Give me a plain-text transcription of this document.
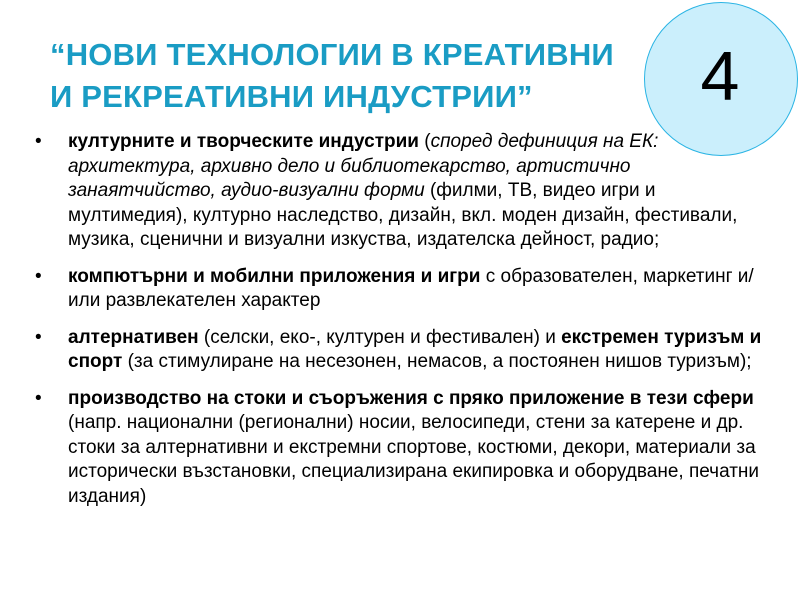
“НОВИ ТЕХНОЛОГИИ В КРЕАТИВНИ
И РЕКРЕАТИВНИ ИНДУСТРИИ”	4
• културните и творческите индустрии (според дефиниция на ЕК: архитектура, архивно дело и библиотекарство, артистично занаятчийство, аудио-визуални форми (филми, ТВ, видео игри и мултимедия), културно наследство, дизайн, вкл. моден дизайн, фестивали, музика, сценични и визуални изкуства, издателска дейност, радио;
• компютърни и мобилни приложения и игри с образователен, маркетинг и/или развлекателен характер
• алтернативен (селски, еко-, културен и фестивален) и екстремен туризъм и спорт (за стимулиране на несезонен, немасов, а постоянен нишов туризъм);
• производство на стоки и съоръжения с пряко приложение в тези сфери (напр. национални (регионални) носии, велосипеди, стени за катерене и др. стоки за алтернативни и екстремни спортове, костюми, декори, материали за исторически възстановки, специализирана екипировка и оборудване, печатни издания)
